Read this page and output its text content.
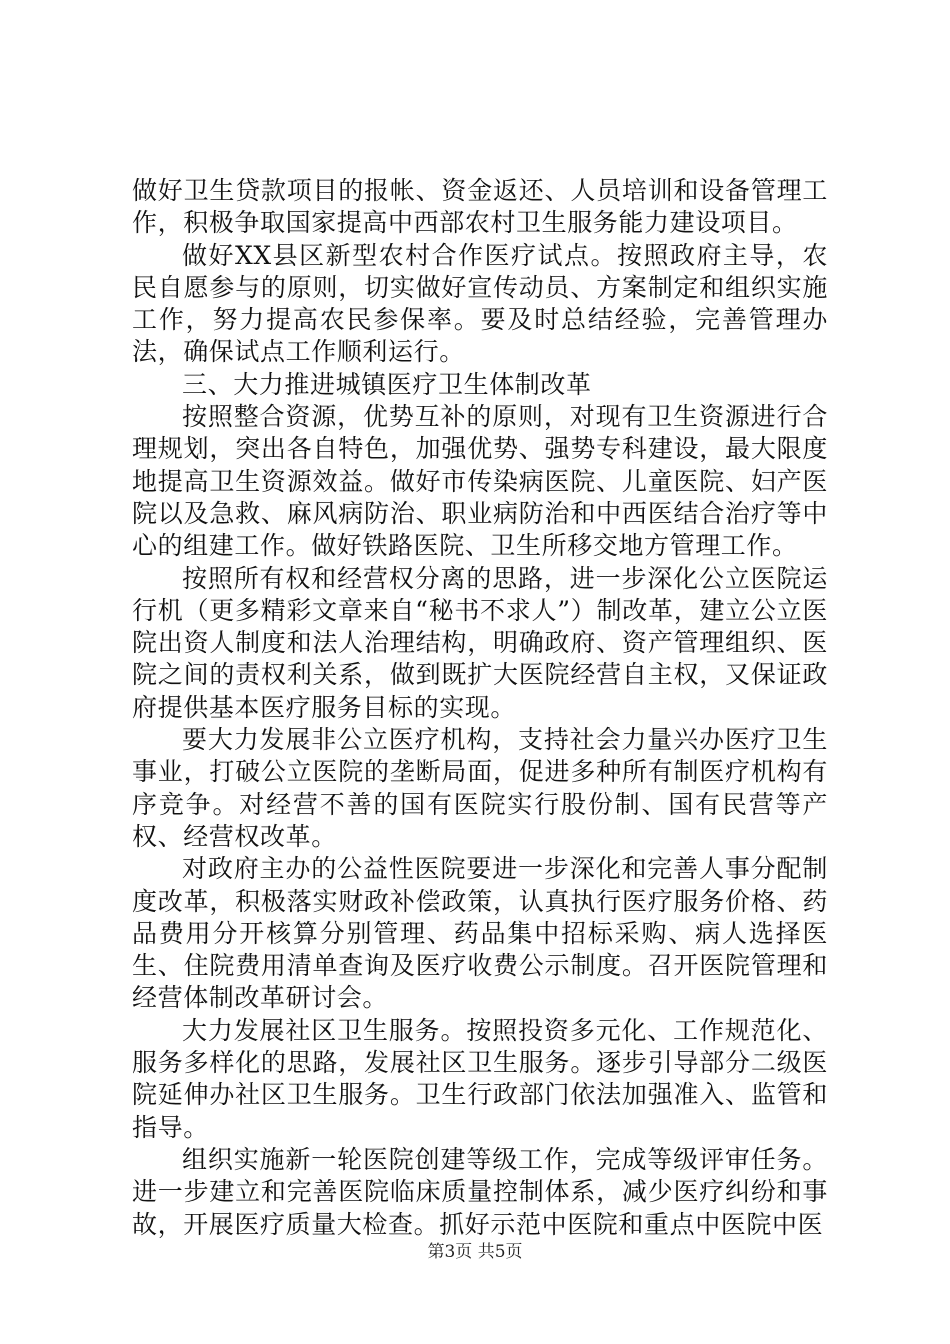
做好卫生贷款项目的报帐、资金返还、人员培训和设备管理工作，积极争取国家提高中西部农村卫生服务能力建设项目。

做好XX县区新型农村合作医疗试点。按照政府主导，农民自愿参与的原则，切实做好宣传动员、方案制定和组织实施工作，努力提高农民参保率。要及时总结经验，完善管理办法，确保试点工作顺利运行。

三、大力推进城镇医疗卫生体制改革

按照整合资源，优势互补的原则，对现有卫生资源进行合理规划，突出各自特色，加强优势、强势专科建设，最大限度地提高卫生资源效益。做好市传染病医院、儿童医院、妇产医院以及急救、麻风病防治、职业病防治和中西医结合治疗等中心的组建工作。做好铁路医院、卫生所移交地方管理工作。

按照所有权和经营权分离的思路，进一步深化公立医院运行机（更多精彩文章来自“秘书不求人”）制改革，建立公立医院出资人制度和法人治理结构，明确政府、资产管理组织、医院之间的责权利关系，做到既扩大医院经营自主权，又保证政府提供基本医疗服务目标的实现。

要大力发展非公立医疗机构，支持社会力量兴办医疗卫生事业，打破公立医院的垄断局面，促进多种所有制医疗机构有序竞争。对经营不善的国有医院实行股份制、国有民营等产权、经营权改革。

对政府主办的公益性医院要进一步深化和完善人事分配制度改革，积极落实财政补偿政策，认真执行医疗服务价格、药品费用分开核算分别管理、药品集中招标采购、病人选择医生、住院费用清单查询及医疗收费公示制度。召开医院管理和经营体制改革研讨会。

大力发展社区卫生服务。按照投资多元化、工作规范化、服务多样化的思路，发展社区卫生服务。逐步引导部分二级医院延伸办社区卫生服务。卫生行政部门依法加强准入、监管和指导。

组织实施新一轮医院创建等级工作，完成等级评审任务。进一步建立和完善医院临床质量控制体系，减少医疗纠纷和事故，开展医疗质量大检查。抓好示范中医院和重点中医院中医

第3页 共5页
